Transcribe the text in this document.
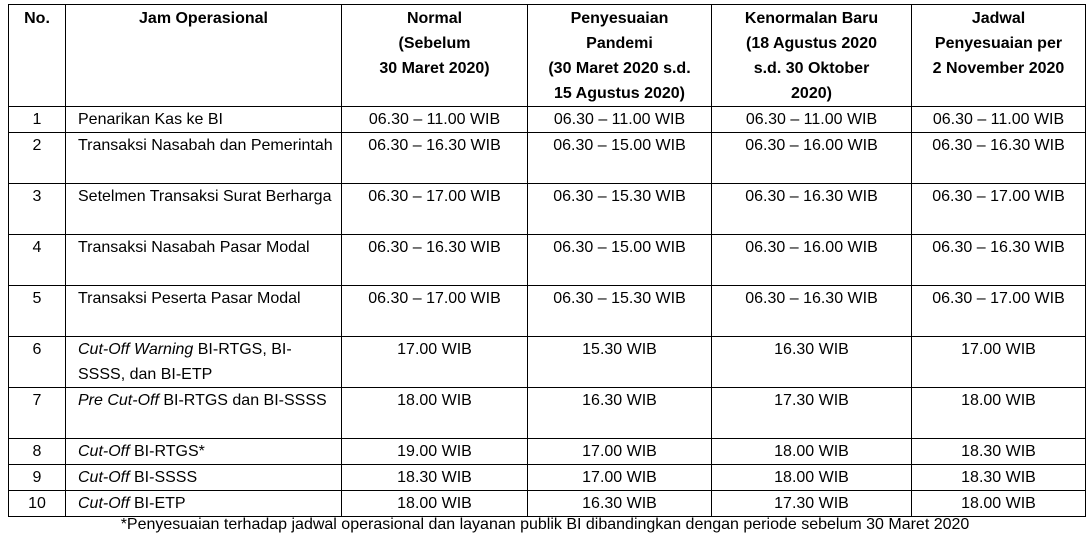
No.	Jam Operasional	Normal
(Sebelum
30 Maret 2020)	Penyesuaian
Pandemi
(30 Maret 2020 s.d.
15 Agustus 2020)	Kenormalan Baru
(18 Agustus 2020
s.d. 30 Oktober
2020)	Jadwal
Penyesuaian per
2 November 2020

1	Penarikan Kas ke BI	06.30 – 11.00 WIB	06.30 – 11.00 WIB	06.30 – 11.00 WIB	06.30 – 11.00 WIB
2	Transaksi Nasabah dan Pemerintah	06.30 – 16.30 WIB	06.30 – 15.00 WIB	06.30 – 16.00 WIB	06.30 – 16.30 WIB
3	Setelmen Transaksi Surat Berharga	06.30 – 17.00 WIB	06.30 – 15.30 WIB	06.30 – 16.30 WIB	06.30 – 17.00 WIB
4	Transaksi Nasabah Pasar Modal	06.30 – 16.30 WIB	06.30 – 15.00 WIB	06.30 – 16.00 WIB	06.30 – 16.30 WIB
5	Transaksi Peserta Pasar Modal	06.30 – 17.00 WIB	06.30 – 15.30 WIB	06.30 – 16.30 WIB	06.30 – 17.00 WIB
6	Cut-Off Warning BI-RTGS, BI-SSSS, dan BI-ETP	17.00 WIB	15.30 WIB	16.30 WIB	17.00 WIB
7	Pre Cut-Off BI-RTGS dan BI-SSSS	18.00 WIB	16.30 WIB	17.30 WIB	18.00 WIB
8	Cut-Off BI-RTGS*	19.00 WIB	17.00 WIB	18.00 WIB	18.30 WIB
9	Cut-Off BI-SSSS	18.30 WIB	17.00 WIB	18.00 WIB	18.30 WIB
10	Cut-Off BI-ETP	18.00 WIB	16.30 WIB	17.30 WIB	18.00 WIB
*Penyesuaian terhadap jadwal operasional dan layanan publik BI dibandingkan dengan periode sebelum 30 Maret 2020
